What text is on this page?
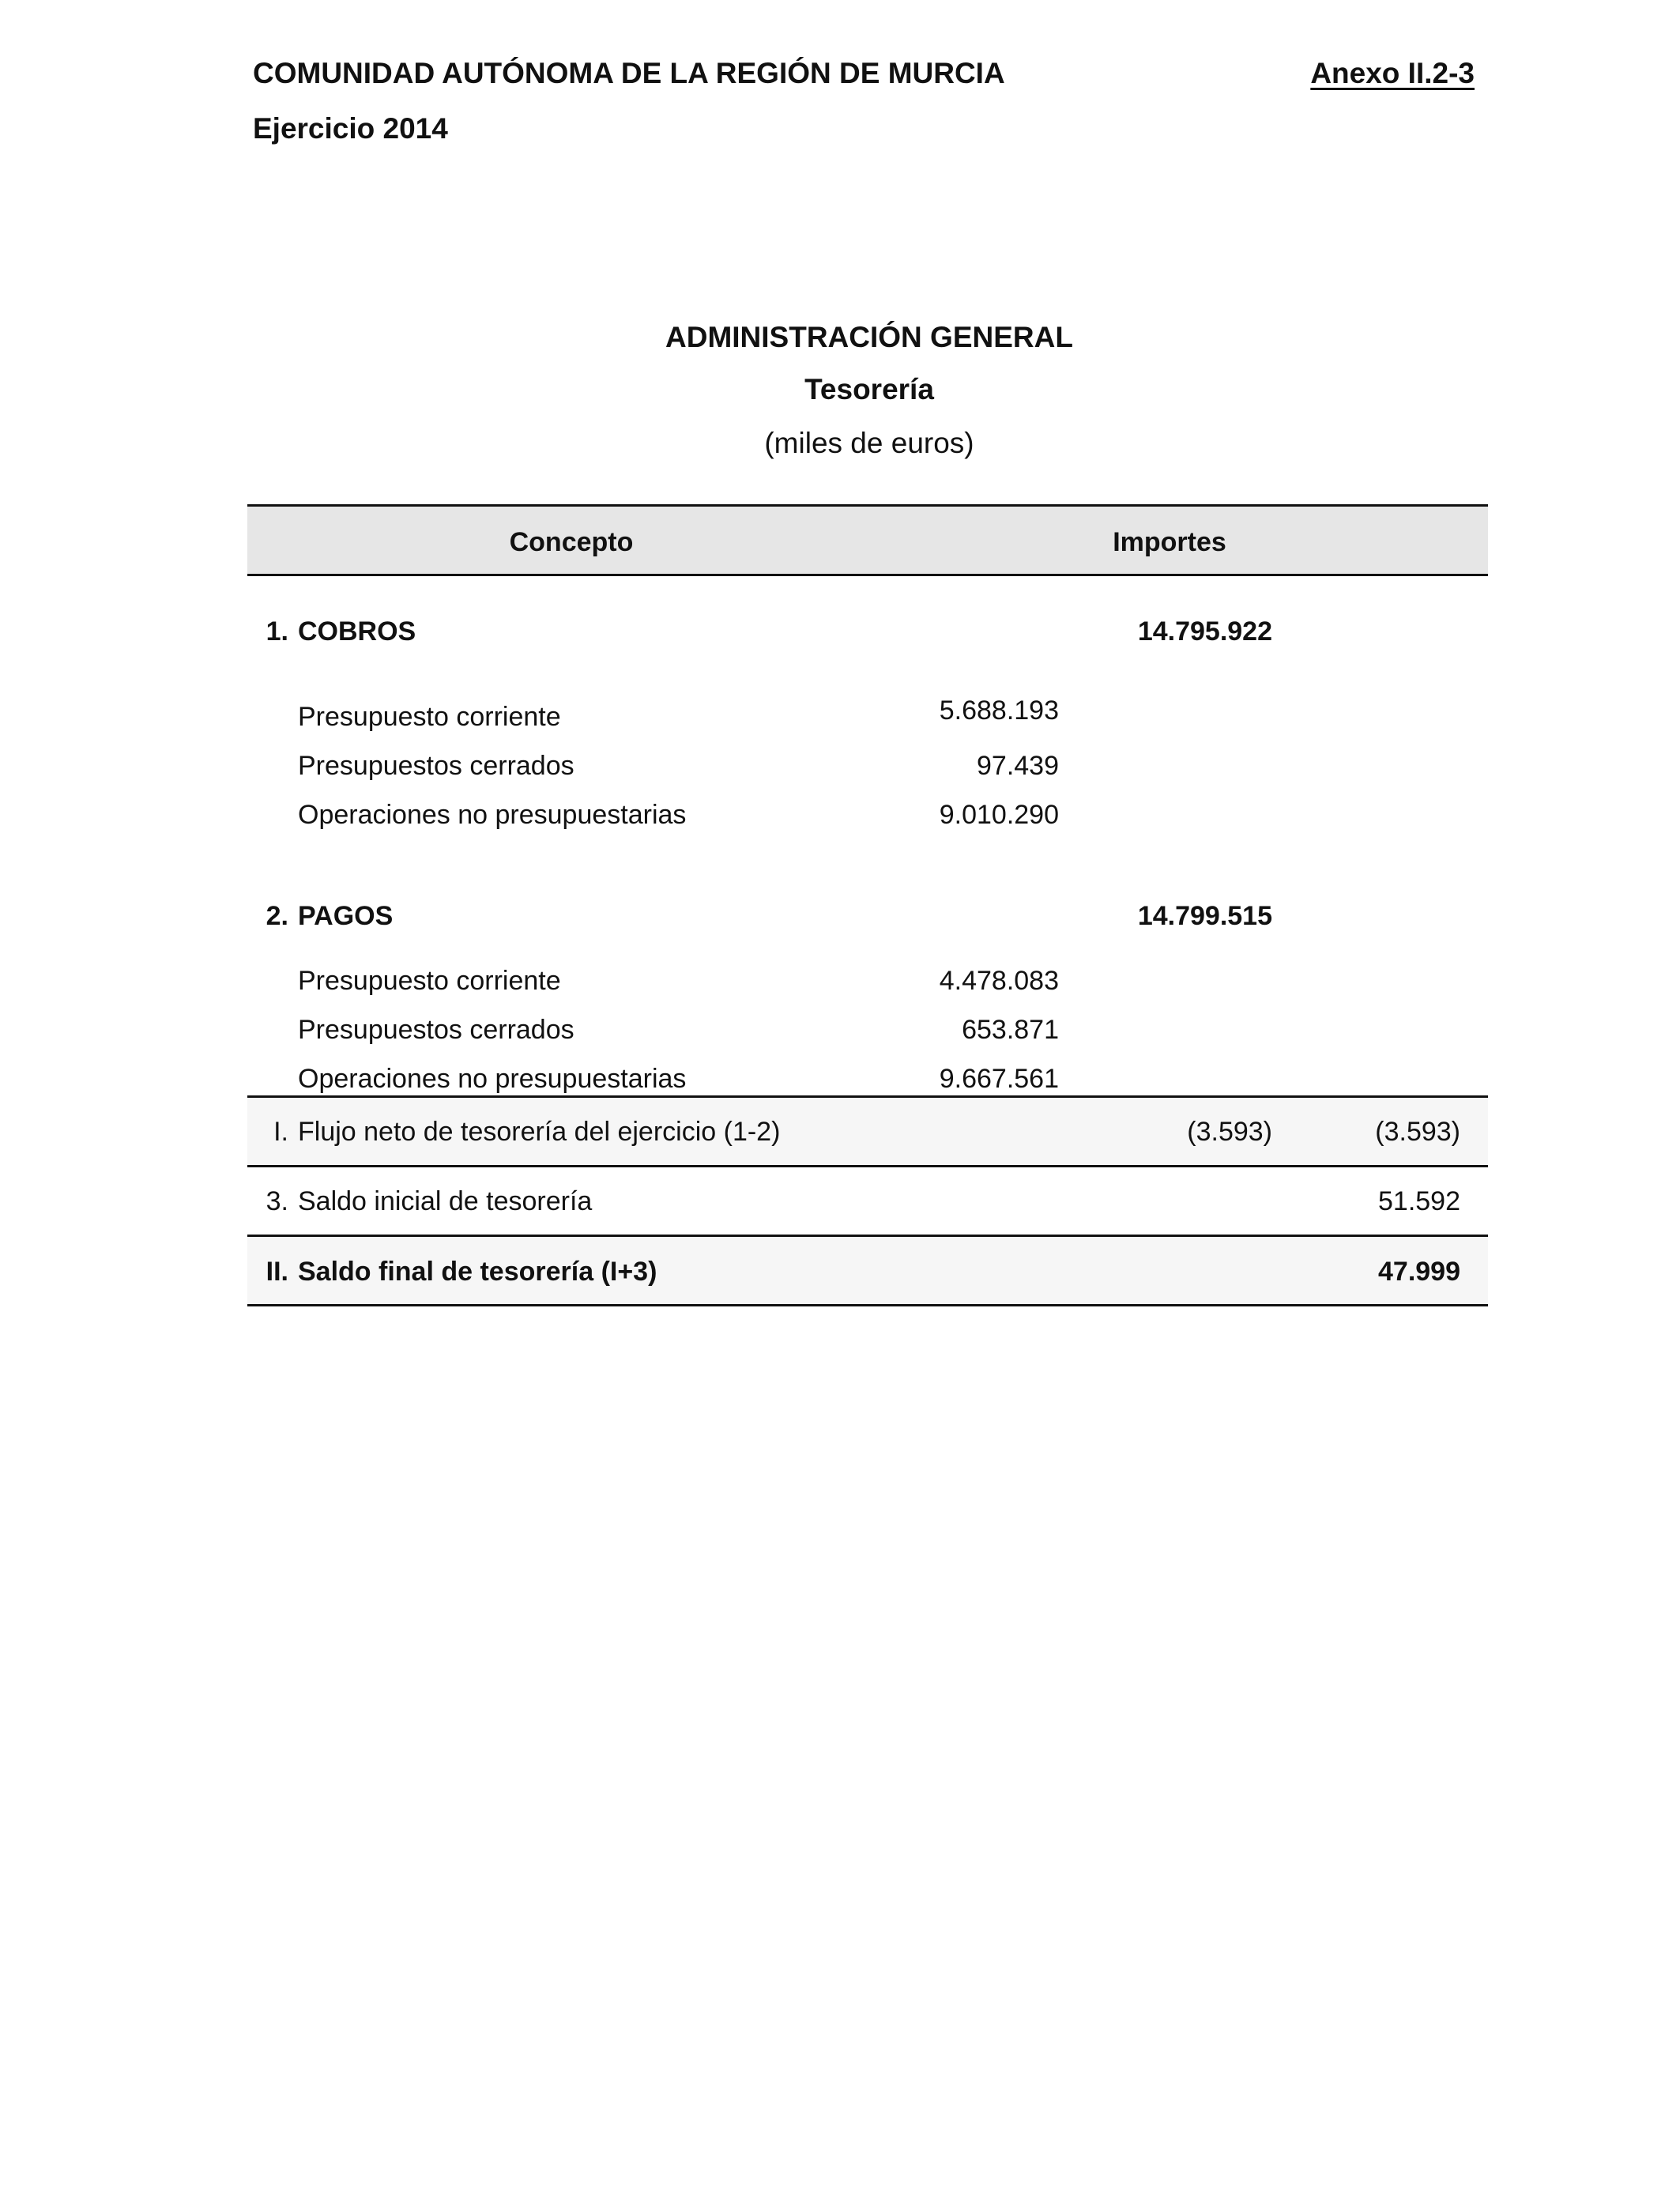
COMUNIDAD AUTÓNOMA DE LA REGIÓN DE MURCIA	Anexo II.2-3
Ejercicio 2014
ADMINISTRACIÓN GENERAL
Tesorería
(miles de euros)
Concepto	Importes
1. COBROS	14.795.922
Presupuesto corriente	5.688.193
Presupuestos cerrados	97.439
Operaciones no presupuestarias	9.010.290
2. PAGOS	14.799.515
Presupuesto corriente	4.478.083
Presupuestos cerrados	653.871
Operaciones no presupuestarias	9.667.561
I. Flujo neto de tesorería del ejercicio (1-2)	(3.593)	(3.593)
3. Saldo inicial de tesorería	51.592
II. Saldo final de tesorería (I+3)	47.999
